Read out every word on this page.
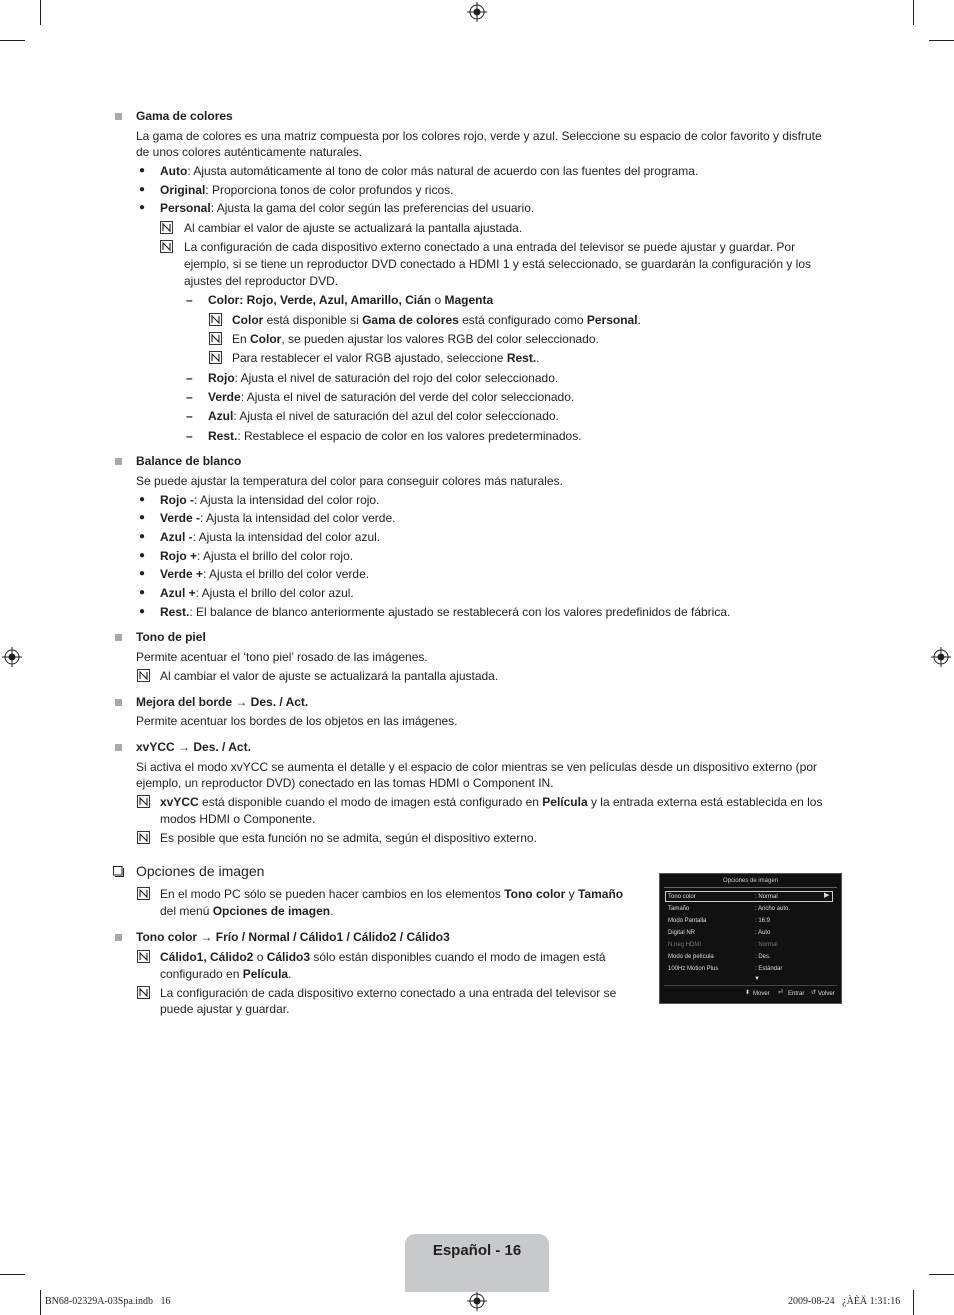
Gama de colores
La gama de colores es una matriz compuesta por los colores rojo, verde y azul. Seleccione su espacio de color favorito y disfrute
de unos colores auténticamente naturales.
● Auto: Ajusta automáticamente al tono de color más natural de acuerdo con las fuentes del programa.
● Original: Proporciona tonos de color profundos y ricos.
● Personal: Ajusta la gama del color según las preferencias del usuario.
Al cambiar el valor de ajuste se actualizará la pantalla ajustada.
La configuración de cada dispositivo externo conectado a una entrada del televisor se puede ajustar y guardar. Por
ejemplo, si se tiene un reproductor DVD conectado a HDMI 1 y está seleccionado, se guardarán la configuración y los
ajustes del reproductor DVD.
– Color: Rojo, Verde, Azul, Amarillo, Cián o Magenta
Color está disponible si Gama de colores está configurado como Personal.
En Color, se pueden ajustar los valores RGB del color seleccionado.
Para restablecer el valor RGB ajustado, seleccione Rest..
– Rojo: Ajusta el nivel de saturación del rojo del color seleccionado.
– Verde: Ajusta el nivel de saturación del verde del color seleccionado.
– Azul: Ajusta el nivel de saturación del azul del color seleccionado.
– Rest.: Restablece el espacio de color en los valores predeterminados.
Balance de blanco
Se puede ajustar la temperatura del color para conseguir colores más naturales.
● Rojo -: Ajusta la intensidad del color rojo.
● Verde -: Ajusta la intensidad del color verde.
● Azul -: Ajusta la intensidad del color azul.
● Rojo +: Ajusta el brillo del color rojo.
● Verde +: Ajusta el brillo del color verde.
● Azul +: Ajusta el brillo del color azul.
● Rest.: El balance de blanco anteriormente ajustado se restablecerá con los valores predefinidos de fábrica.
Tono de piel
Permite acentuar el ‘tono piel’ rosado de las imágenes.
Al cambiar el valor de ajuste se actualizará la pantalla ajustada.
Mejora del borde → Des. / Act.
Permite acentuar los bordes de los objetos en las imágenes.
xvYCC → Des. / Act.
Si activa el modo xvYCC se aumenta el detalle y el espacio de color mientras se ven películas desde un dispositivo externo (por
ejemplo, un reproductor DVD) conectado en las tomas HDMI o Component IN.
xvYCC está disponible cuando el modo de imagen está configurado en Película y la entrada externa está establecida en los
modos HDMI o Componente.
Es posible que esta función no se admita, según el dispositivo externo.
Opciones de imagen
En el modo PC sólo se pueden hacer cambios en los elementos Tono color y Tamaño
del menú Opciones de imagen.
Tono color → Frío / Normal / Cálido1 / Cálido2 / Cálido3
Cálido1, Cálido2 o Cálido3 sólo están disponibles cuando el modo de imagen está
configurado en Película.
La configuración de cada dispositivo externo conectado a una entrada del televisor se
puede ajustar y guardar.
Opciones de imagen
Tono color	: Normal
Tamaño	: Ancho auto.
Modo Pantalla	: 16:9
Digital NR	: Auto
N.neg HDMI	: Normal
Modo de película	: Des.
100Hz Motion Plus	: Estándar
▶
▼
⬍ Mover ⏎ Entrar ↺ Volver
Español - 16
BN68-02329A-03Spa.indb   16	2009-08-24   ¿ÀÈÄ 1:31:16
